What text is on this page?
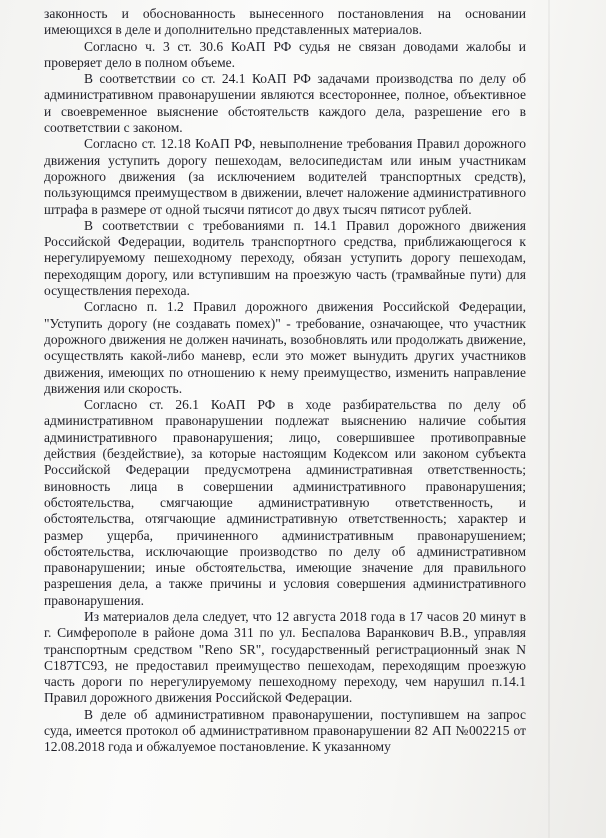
законность и обоснованность вынесенного постановления на основании имеющихся в деле и дополнительно представленных материалов.

Согласно ч. 3 ст. 30.6 КоАП РФ судья не связан доводами жалобы и проверяет дело в полном объеме.

В соответствии со ст. 24.1 КоАП РФ задачами производства по делу об административном правонарушении являются всестороннее, полное, объективное и своевременное выяснение обстоятельств каждого дела, разрешение его в соответствии с законом.

Согласно ст. 12.18 КоАП РФ, невыполнение требования Правил дорожного движения уступить дорогу пешеходам, велосипедистам или иным участникам дорожного движения (за исключением водителей транспортных средств), пользующимся преимуществом в движении, влечет наложение административного штрафа в размере от одной тысячи пятисот до двух тысяч пятисот рублей.

В соответствии с требованиями п. 14.1 Правил дорожного движения Российской Федерации, водитель транспортного средства, приближающегося к нерегулируемому пешеходному переходу, обязан уступить дорогу пешеходам, переходящим дорогу, или вступившим на проезжую часть (трамвайные пути) для осуществления перехода.

Согласно п. 1.2 Правил дорожного движения Российской Федерации, "Уступить дорогу (не создавать помех)" - требование, означающее, что участник дорожного движения не должен начинать, возобновлять или продолжать движение, осуществлять какой-либо маневр, если это может вынудить других участников движения, имеющих по отношению к нему преимущество, изменить направление движения или скорость.

Согласно ст. 26.1 КоАП РФ в ходе разбирательства по делу об административном правонарушении подлежат выяснению наличие события административного правонарушения; лицо, совершившее противоправные действия (бездействие), за которые настоящим Кодексом или законом субъекта Российской Федерации предусмотрена административная ответственность; виновность лица в совершении административного правонарушения; обстоятельства, смягчающие административную ответственность, и обстоятельства, отягчающие административную ответственность; характер и размер ущерба, причиненного административным правонарушением; обстоятельства, исключающие производство по делу об административном правонарушении; иные обстоятельства, имеющие значение для правильного разрешения дела, а также причины и условия совершения административного правонарушения.

Из материалов дела следует, что 12 августа 2018 года в 17 часов 20 минут в г. Симферополе в районе дома 311 по ул. Беспалова Варанкович В.В., управляя транспортным средством "Reno SR", государственный регистрационный знак N С187ТС93, не предоставил преимущество пешеходам, переходящим проезжую часть дороги по нерегулируемому пешеходному переходу, чем нарушил п.14.1 Правил дорожного движения Российской Федерации.

В деле об административном правонарушении, поступившем на запрос суда, имеется протокол об административном правонарушении 82 АП №002215 от 12.08.2018 года и обжалуемое постановление. К указанному
